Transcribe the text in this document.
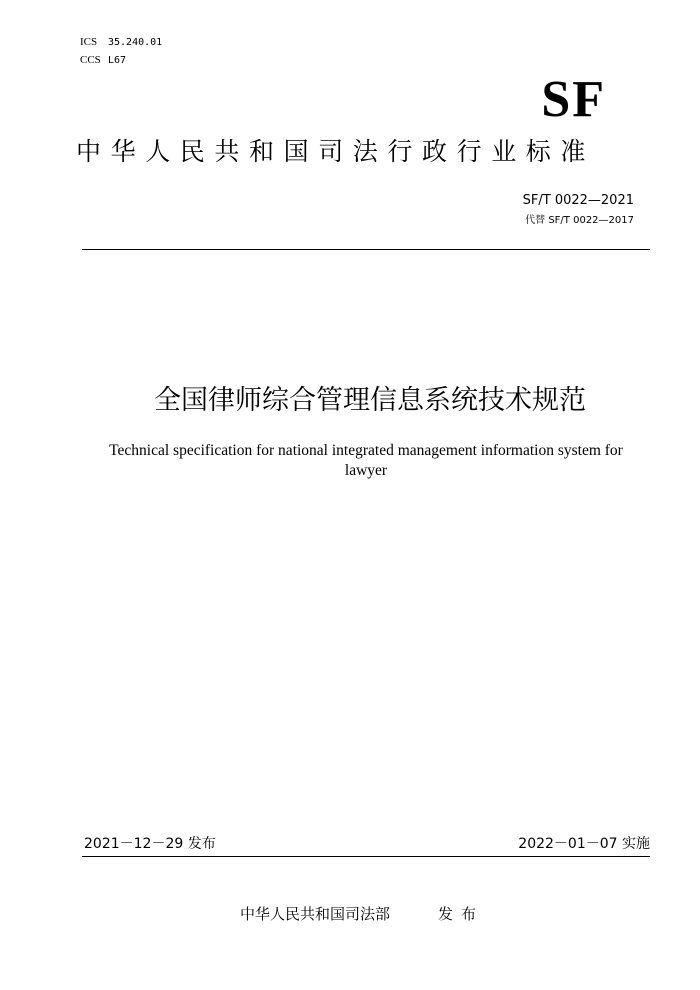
ICS 35.240.01
CCS L67
SF
中华人民共和国司法行政行业标准
SF/T 0022—2021
代替 SF/T 0022—2017
全国律师综合管理信息系统技术规范
Technical specification for national integrated management information system for
lawyer
2021－12－29 发布	2022－01－07 实施
中华人民共和国司法部	发布
